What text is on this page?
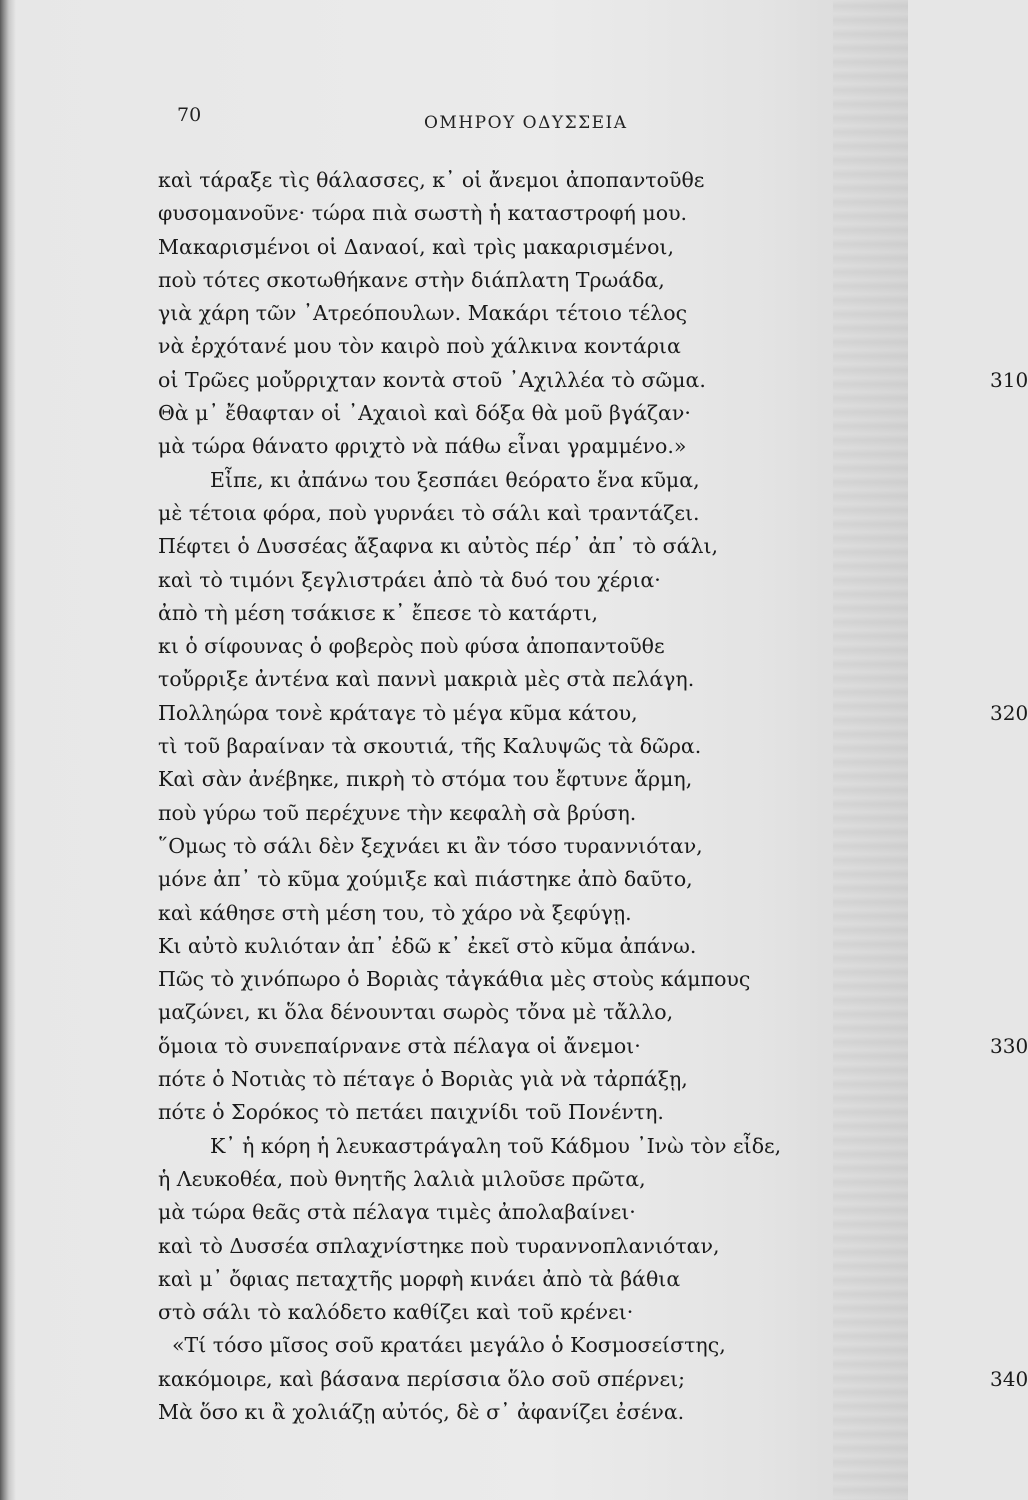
70	ΟΜΗΡΟΥ ΟΔΥΣΣΕΙΑ
καὶ τάραξε τὶς θάλασσες, κ᾽ οἱ ἄνεμοι ἀποπαντοῦθε
φυσομανοῦνε· τώρα πιὰ σωστὴ ἡ καταστροφή μου.
Μακαρισμένοι οἱ Δαναοί, καὶ τρὶς μακαρισμένοι,
ποὺ τότες σκοτωθήκανε στὴν διάπλατη Τρωάδα,
γιὰ χάρη τῶν ᾽Ατρεόπουλων. Μακάρι τέτοιο τέλος
νὰ ἐρχότανέ μου τὸν καιρὸ ποὺ χάλκινα κοντάρια
οἱ Τρῶες μοὔρριχταν κοντὰ στοῦ ᾽Αχιλλέα τὸ σῶμα.	310
Θὰ μ᾽ ἔθαφταν οἱ ᾽Αχαιοὶ καὶ δόξα θὰ μοῦ βγάζαν·
μὰ τώρα θάνατο φριχτὸ νὰ πάθω εἶναι γραμμένο.»
Εἶπε, κι ἀπάνω του ξεσπάει θεόρατο ἕνα κῦμα,
μὲ τέτοια φόρα, ποὺ γυρνάει τὸ σάλι καὶ τραντάζει.
Πέφτει ὁ Δυσσέας ἄξαφνα κι αὐτὸς πέρ᾽ ἀπ᾽ τὸ σάλι,
καὶ τὸ τιμόνι ξεγλιστράει ἀπὸ τὰ δυό του χέρια·
ἀπὸ τὴ μέση τσάκισε κ᾽ ἔπεσε τὸ κατάρτι,
κι ὁ σίφουνας ὁ φοβερὸς ποὺ φύσα ἀποπαντοῦθε
τοὔρριξε ἀντένα καὶ παννὶ μακριὰ μὲς στὰ πελάγη.
Πολληώρα τονὲ κράταγε τὸ μέγα κῦμα κάτου,	320
τὶ τοῦ βαραίναν τὰ σκουτιά, τῆς Καλυψῶς τὰ δῶρα.
Καὶ σὰν ἀνέβηκε, πικρὴ τὸ στόμα του ἔφτυνε ἅρμη,
ποὺ γύρω τοῦ περέχυνε τὴν κεφαλὴ σὰ βρύση.
῞Ομως τὸ σάλι δὲν ξεχνάει κι ἂν τόσο τυραννιόταν,
μόνε ἀπ᾽ τὸ κῦμα χούμιξε καὶ πιάστηκε ἀπὸ δαῦτο,
καὶ κάθησε στὴ μέση του, τὸ χάρο νὰ ξεφύγῃ.
Κι αὐτὸ κυλιόταν ἀπ᾽ ἐδῶ κ᾽ ἐκεῖ στὸ κῦμα ἀπάνω.
Πῶς τὸ χινόπωρο ὁ Βοριὰς τἀγκάθια μὲς στοὺς κάμπους
μαζώνει, κι ὅλα δένουνται σωρὸς τὄνα μὲ τἄλλο,
ὅμοια τὸ συνεπαίρνανε στὰ πέλαγα οἱ ἄνεμοι·	330
πότε ὁ Νοτιὰς τὸ πέταγε ὁ Βοριὰς γιὰ νὰ τἀρπάξῃ,
πότε ὁ Σορόκος τὸ πετάει παιχνίδι τοῦ Πονέντη.
Κ᾽ ἡ κόρη ἡ λευκαστράγαλη τοῦ Κάδμου ᾽Ινὼ τὸν εἶδε,
ἡ Λευκοθέα, ποὺ θνητῆς λαλιὰ μιλοῦσε πρῶτα,
μὰ τώρα θεᾶς στὰ πέλαγα τιμὲς ἀπολαβαίνει·
καὶ τὸ Δυσσέα σπλαχνίστηκε ποὺ τυραννοπλανιόταν,
καὶ μ᾽ ὄφιας πεταχτῆς μορφὴ κινάει ἀπὸ τὰ βάθια
στὸ σάλι τὸ καλόδετο καθίζει καὶ τοῦ κρένει·
«Τί τόσο μῖσος σοῦ κρατάει μεγάλο ὁ Κοσμοσείστης,
κακόμοιρε, καὶ βάσανα περίσσια ὅλο σοῦ σπέρνει;	340
Μὰ ὅσο κι ἂ χολιάζῃ αὐτός, δὲ σ᾽ ἀφανίζει ἐσένα.
